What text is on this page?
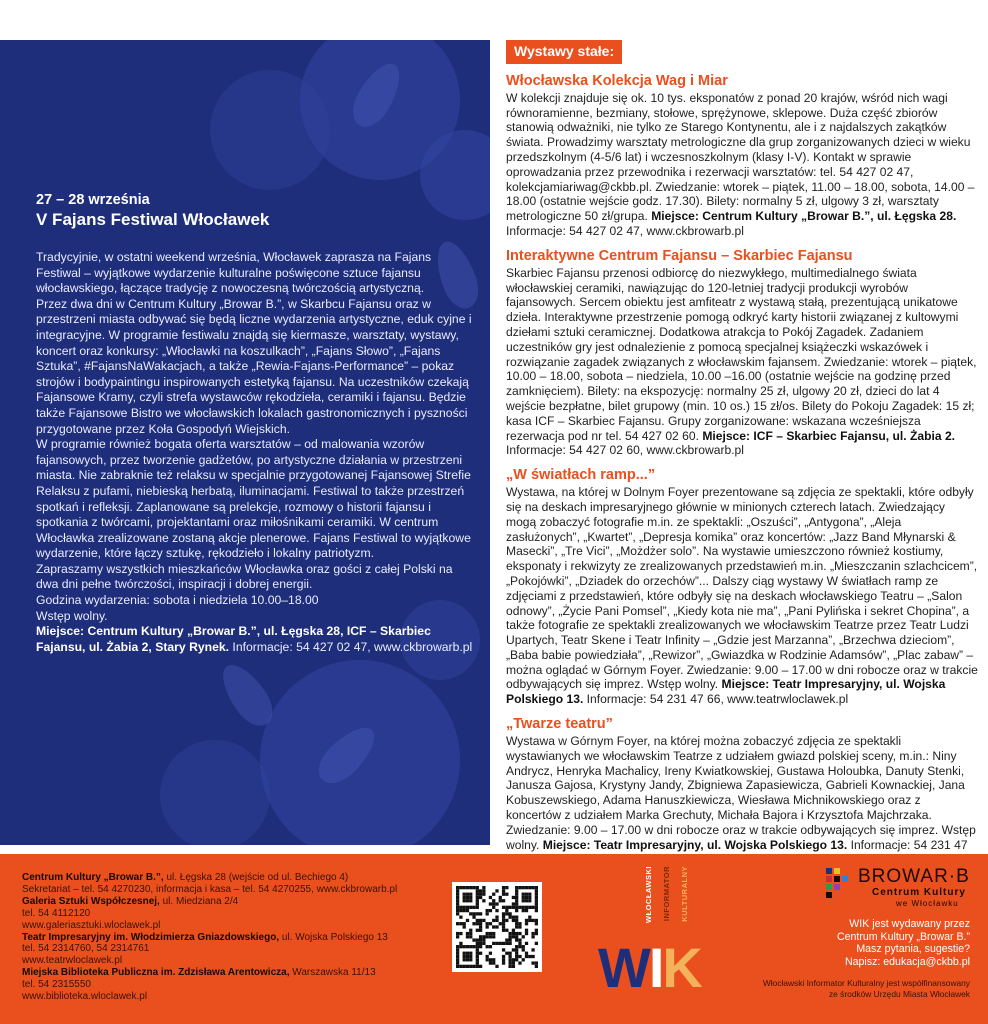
27 – 28 września
V Fajans Festiwal Włocławek

Tradycyjnie, w ostatni weekend września, Włocławek zaprasza na Fajans Festiwal – wyjątkowe wydarzenie kulturalne poświęcone sztuce fajansu włocławskiego, łączące tradycję z nowoczesną twórczością artystyczną.

Przez dwa dni w Centrum Kultury „Browar B.”, w Skarbcu Fajansu oraz w przestrzeni miasta odbywać się będą liczne wydarzenia artystyczne, eduk cyjne i integracyjne. W programie festiwalu znajdą się kiermasze, warsztaty, wystawy, koncert oraz konkursy: „Włocławki na koszulkach”, „Fajans Słowo”, „Fajans Sztuka”, #FajansNaWakacjach, a także „Rewia-Fajans-Performance” – pokaz strojów i bodypaintingu inspirowanych estetyką fajansu. Na uczestników czekają Fajansowe Kramy, czyli strefa wystawców rękodzieła, ceramiki i fajansu. Będzie także Fajansowe Bistro we włocławskich lokalach gastronomicznych i pyszności przygotowane przez Koła Gospodyń Wiejskich.

W programie również bogata oferta warsztatów – od malowania wzorów fajansowych, przez tworzenie gadżetów, po artystyczne działania w przestrzeni miasta. Nie zabraknie też relaksu w specjalnie przygotowanej Fajansowej Strefie Relaksu z pufami, niebieską herbatą, iluminacjami. Festiwal to także przestrzeń spotkań i refleksji. Zaplanowane są prelekcje, rozmowy o historii fajansu i spotkania z twórcami, projektantami oraz miłośnikami ceramiki. W centrum Włocławka zrealizowane zostaną akcje plenerowe. Fajans Festiwal to wyjątkowe wydarzenie, które łączy sztukę, rękodzieło i lokalny patriotyzm.

Zapraszamy wszystkich mieszkańców Włocławka oraz gości z całej Polski na dwa dni pełne twórczości, inspiracji i dobrej energii.

Godzina wydarzenia: sobota i niedziela 10.00–18.00

Wstęp wolny.

Miejsce: Centrum Kultury „Browar B.”, ul. Łęgska 28, ICF – Skarbiec Fajansu, ul. Żabia 2, Stary Rynek. Informacje: 54 427 02 47, www.ckbrowarb.pl

Wystawy stałe:
Włocławska Kolekcja Wag i Miar
W kolekcji znajduje się ok. 10 tys. eksponatów z ponad 20 krajów, wśród nich wagi równoramienne, bezmiany, stołowe, sprężynowe, sklepowe. Duża część zbiorów stanowią odważniki, nie tylko ze Starego Kontynentu, ale i z najdalszych zakątków świata. Prowadzimy warsztaty metrologiczne dla grup zorganizowanych dzieci w wieku przedszkolnym (4-5/6 lat) i wczesnoszkolnym (klasy I-V). Kontakt w sprawie oprowadzania przez przewodnika i rezerwacji warsztatów: tel. 54 427 02 47, kolekcjamiariwag@ckbb.pl. Zwiedzanie: wtorek – piątek, 11.00 – 18.00, sobota, 14.00 – 18.00 (ostatnie wejście godz. 17.30). Bilety: normalny 5 zł, ulgowy 3 zł, warsztaty metrologiczne 50 zł/grupa. Miejsce: Centrum Kultury „Browar B.”, ul. Łęgska 28. Informacje: 54 427 02 47, www.ckbrowarb.pl
Interaktywne Centrum Fajansu – Skarbiec Fajansu
Skarbiec Fajansu przenosi odbiorcę do niezwykłego, multimedialnego świata włocławskiej ceramiki, nawiązując do 120-letniej tradycji produkcji wyrobów fajansowych. Sercem obiektu jest amfiteatr z wystawą stałą, prezentującą unikatowe dzieła. Interaktywne przestrzenie pomogą odkryć karty historii związanej z kultowymi dziełami sztuki ceramicznej. Dodatkowa atrakcja to Pokój Zagadek. Zadaniem uczestników gry jest odnalezienie z pomocą specjalnej książeczki wskazówek i rozwiązanie zagadek związanych z włocławskim fajansem. Zwiedzanie: wtorek – piątek, 10.00 – 18.00, sobota – niedziela, 10.00 –16.00 (ostatnie wejście na godzinę przed zamknięciem). Bilety: na ekspozycję: normalny 25 zł, ulgowy 20 zł, dzieci do lat 4 wejście bezpłatne, bilet grupowy (min. 10 os.) 15 zł/os. Bilety do Pokoju Zagadek: 15 zł; kasa ICF – Skarbiec Fajansu. Grupy zorganizowane: wskazana wcześniejsza rezerwacja pod nr tel. 54 427 02 60. Miejsce: ICF – Skarbiec Fajansu, ul. Żabia 2. Informacje: 54 427 02 60, www.ckbrowarb.pl
„W światłach ramp...”
Wystawa, na której w Dolnym Foyer prezentowane są zdjęcia ze spektakli, które odbyły się na deskach impresaryjnego głównie w minionych czterech latach. Zwiedzający mogą zobaczyć fotografie m.in. ze spektakli: „Oszuści”, „Antygona”, „Aleja zasłużonych”, „Kwartet”, „Depresja komika” oraz koncertów: „Jazz Band Młynarski & Masecki”, „Tre Vici”, „Możdżer solo”. Na wystawie umieszczono również kostiumy, eksponaty i rekwizyty ze zrealizowanych przedstawień m.in. „Mieszczanin szlachcicem”, „Pokojówki”, „Dziadek do orzechów”... Dalszy ciąg wystawy W światłach ramp ze zdjęciami z przedstawień, które odbyły się na deskach włocławskiego Teatru – „Salon odnowy”, „Życie Pani Pomsel”, „Kiedy kota nie ma”, „Pani Pylińska i sekret Chopina”, a także fotografie ze spektakli zrealizowanych we włocławskim Teatrze przez Teatr Ludzi Upartych, Teatr Skene i Teatr Infinity – „Gdzie jest Marzanna”, „Brzechwa dzieciom”, „Baba babie powiedziała”, „Rewizor”, „Gwiazdka w Rodzinie Adamsów”, „Plac zabaw” – można oglądać w Górnym Foyer. Zwiedzanie: 9.00 – 17.00 w dni robocze oraz w trakcie odbywających się imprez. Wstęp wolny. Miejsce: Teatr Impresaryjny, ul. Wojska Polskiego 13. Informacje: 54 231 47 66, www.teatrwloclawek.pl
„Twarze teatru”
Wystawa w Górnym Foyer, na której można zobaczyć zdjęcia ze spektakli wystawianych we włocławskim Teatrze z udziałem gwiazd polskiej sceny, m.in.: Niny Andrycz, Henryka Machalicy, Ireny Kwiatkowskiej, Gustawa Holoubka, Danuty Stenki, Janusza Gajosa, Krystyny Jandy, Zbigniewa Zapasiewicza, Gabrieli Kownackiej, Jana Kobuszewskiego, Adama Hanuszkiewicza, Wiesława Michnikowskiego oraz z koncertów z udziałem Marka Grechuty, Michała Bajora i Krzysztofa Majchrzaka. Zwiedzanie: 9.00 – 17.00 w dni robocze oraz w trakcie odbywających się imprez. Wstęp wolny. Miejsce: Teatr Impresaryjny, ul. Wojska Polskiego 13. Informacje: 54 231 47
Centrum Kultury „Browar B.”, ul. Łęgska 28 (wejście od ul. Bechiego 4)
Sekretariat – tel. 54 4270230, informacja i kasa – tel. 54 4270255, www.ckbrowarb.pl
Galeria Sztuki Współczesnej, ul. Miedziana 2/4
tel. 54 4112120
www.galeriasztuki.wloclawek.pl
Teatr Impresaryjny im. Włodzimierza Gniazdowskiego, ul. Wojska Polskiego 13
tel. 54 2314760, 54 2314761
www.teatrwloclawek.pl
Miejska Biblioteka Publiczna im. Zdzisława Arentowicza, Warszawska 11/13
tel. 54 2315550
www.biblioteka.wloclawek.pl
WŁOCŁAWSKI INFORMATOR KULTURALNY
WIK
BROWAR·B
Centrum Kultury
we Włocławku
WIK jest wydawany przez
Centrum Kultury „Browar B.”
Masz pytania, sugestie?
Napisz: edukacja@ckbb.pl
Włocławski Informator Kulturalny jest współfinansowany
ze środków Urzędu Miasta Włocławek
